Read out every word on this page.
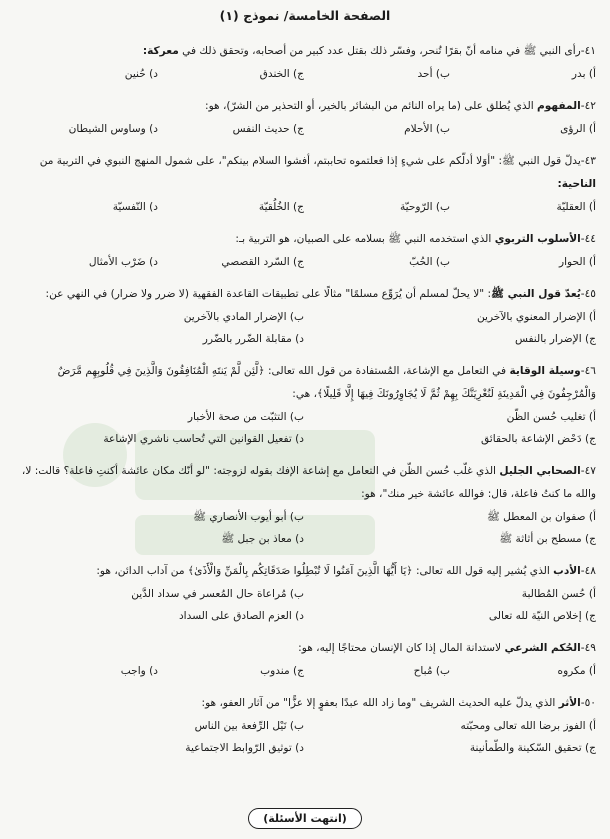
الصفحة الخامسة/ نموذج (١)
٤١-رأى النبي ﷺ في منامه أنّ بقرًا تُنحر، وفسّر ذلك بقتل عدد كبير من أصحابه، وتحقق ذلك في معركة:
أ) بدر
ب) أحد
ج) الخندق
د) حُنين
٤٢-المفهوم الذي يُطلق على (ما يراه النائم من البشائر بالخير، أو التحذير من الشرّ)، هو:
أ) الرؤى
ب) الأحلام
ج) حديث النفس
د) وساوس الشيطان
٤٣-يدلّ قول النبي ﷺ: "أوَلا أدلّكم على شيءٍ إذا فعلتموه تحاببتم، أفشوا السلام بينكم"، على شمول المنهج النبوي في التربية من الناحية:
أ) العقليّة
ب) الرّوحيّة
ج) الخُلُقيّة
د) النّفسيّة
٤٤-الأسلوب التربوي الذي استخدمه النبي ﷺ بسلامه على الصبيان، هو التربية بـ:
أ) الحوار
ب) الحُبّ
ج) السّرد القصصي
د) ضَرْب الأمثال
٤٥-يُعدّ قول النبي ﷺ: "لا يحلّ لمسلم أن يُرَوِّع مسلمًا" مثالًا على تطبيقات القاعدة الفقهية (لا ضرر ولا ضرار) في النهي عن:
أ) الإضرار المعنوي بالآخرين
ب) الإضرار المادي بالآخرين
ج) الإضرار بالنفس
د) مقابلة الضّرر بالضّرر
٤٦-وسيلة الوقاية في التعامل مع الإشاعة، المُستفادة من قول الله تعالى: ﴿لَّئِن لَّمْ يَنتَهِ الْمُنَافِقُونَ وَالَّذِينَ فِي قُلُوبِهِم مَّرَضٌ وَالْمُرْجِفُونَ فِي الْمَدِينَةِ لَنُغْرِيَنَّكَ بِهِمْ ثُمَّ لَا يُجَاوِرُونَكَ فِيهَا إِلَّا قَلِيلًا﴾، هي:
أ) تغليب حُسن الظّن
ب) التثبّت من صحة الأخبار
ج) دَحْض الإشاعة بالحقائق
د) تفعيل القوانين التي تُحاسب ناشري الإشاعة
٤٧-الصحابي الجليل الذي غلّب حُسن الظّن في التعامل مع إشاعة الإفك بقوله لزوجته: "لو أنّك مكان عائشة أكنتِ فاعلة؟ قالت: لا، والله ما كنتُ فاعلة، قال: فوالله عائشة خير منك"، هو:
أ) صفوان بن المعطل ﷺ
ب) أبو أيوب الأنصاري ﷺ
ج) مسطح بن أثاثة ﷺ
د) معاذ بن جبل ﷺ
٤٨-الأدب الذي يُشير إليه قول الله تعالى: ﴿يَا أَيُّهَا الَّذِينَ آمَنُوا لَا تُبْطِلُوا صَدَقَاتِكُم بِالْمَنِّ وَالْأَذَىٰ﴾ من آداب الدائن، هو:
أ) حُسن المُطالبة
ب) مُراعاة حال المُعسر في سداد الدَّين
ج) إخلاص النيّة لله تعالى
د) العزم الصادق على السداد
٤٩-الحُكم الشرعي لاستدانة المال إذا كان الإنسان محتاجًا إليه، هو:
أ) مكروه
ب) مُباح
ج) مندوب
د) واجب
٥٠-الأثر الذي يدلّ عليه الحديث الشريف "وما زاد الله عبدًا بعفوٍ إلا عزًّا" من آثار العفو، هو:
أ) الفوز برضا الله تعالى ومحبّته
ب) نَيْل الرِّفعة بين الناس
ج) تحقيق السّكينة والطّمأنينة
د) توثيق الرّوابط الاجتماعية
(انتهت الأسئلة)
